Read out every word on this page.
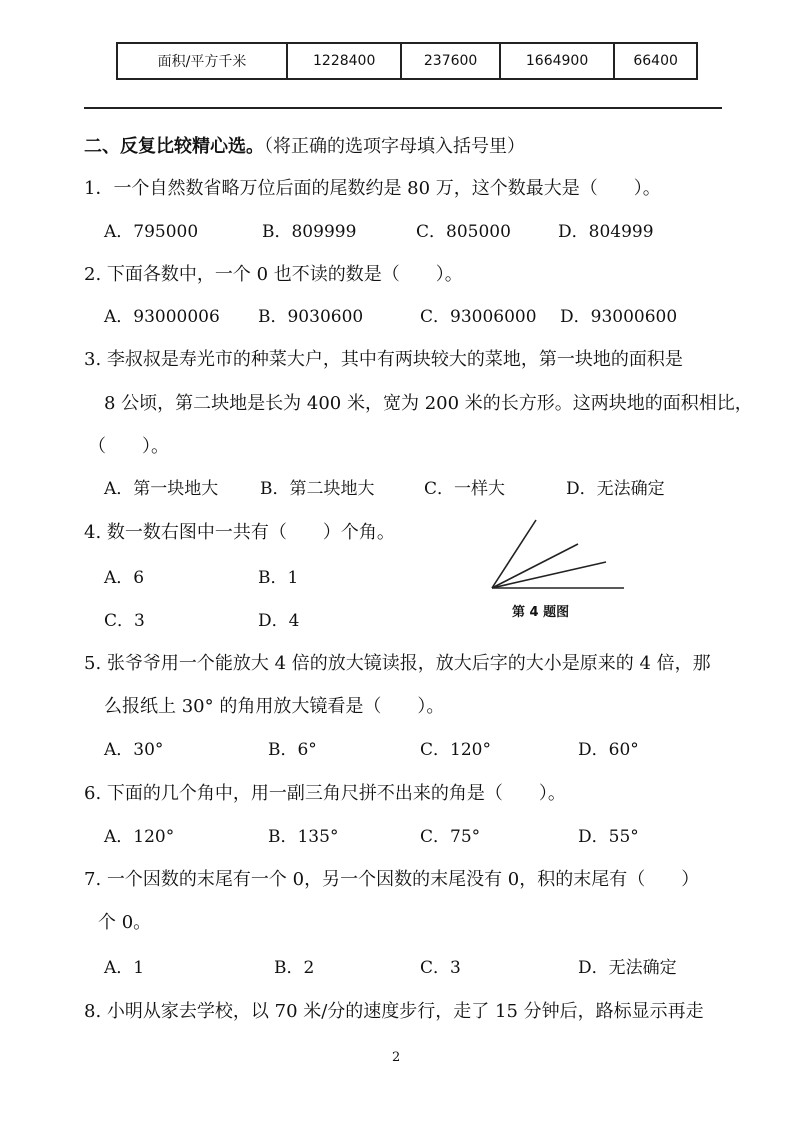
面积/平方千米	1228400	237600	1664900	66400
二、反复比较精心选。（将正确的选项字母填入括号里）
1．一个自然数省略万位后面的尾数约是 80 万，这个数最大是（　　）。
A．795000	B．809999	C．805000	D．804999
2. 下面各数中，一个 0 也不读的数是（　　）。
A．93000006 B．9030600	C．93006000 D．93000600
3. 李叔叔是寿光市的种菜大户，其中有两块较大的菜地，第一块地的面积是
8 公顷，第二块地是长为 400 米，宽为 200 米的长方形。这两块地的面积相比，
（　　）。
A．第一块地大 B．第二块地大	C．一样大	D．无法确定
4. 数一数右图中一共有（　　）个角。
A．6	B．1
C．3	D．4	第 4 题图
5. 张爷爷用一个能放大 4 倍的放大镜读报，放大后字的大小是原来的 4 倍，那
么报纸上 30° 的角用放大镜看是（　　）。
A．30°	B．6°	C．120°	D．60°
6. 下面的几个角中，用一副三角尺拼不出来的角是（　　）。
A．120°	B．135°	C．75°	D．55°
7. 一个因数的末尾有一个 0，另一个因数的末尾没有 0，积的末尾有（　　）
个 0。
A．1	B．2	C．3	D．无法确定
8. 小明从家去学校，以 70 米/分的速度步行，走了 15 分钟后，路标显示再走
2
